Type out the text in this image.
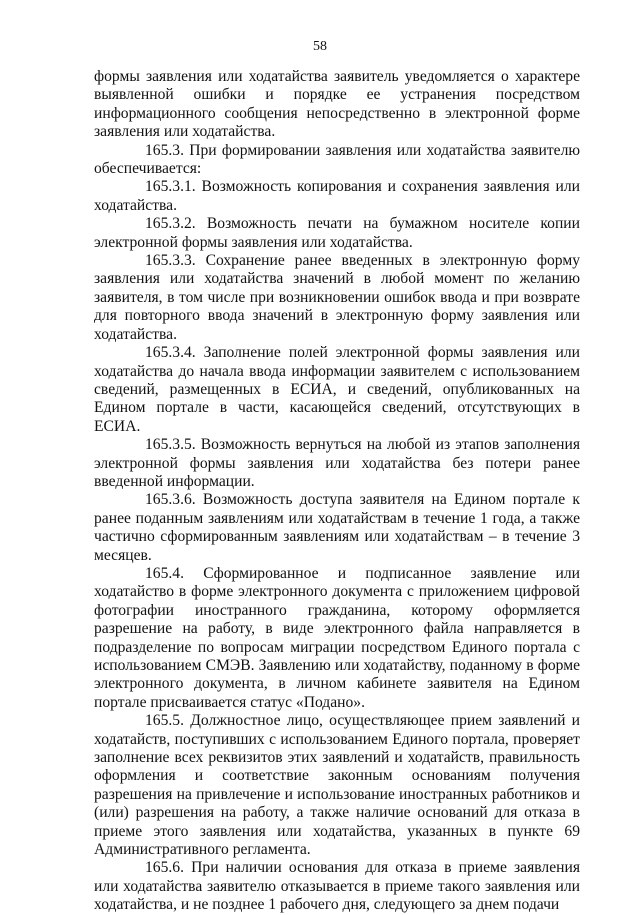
58

формы заявления или ходатайства заявитель уведомляется о характере выявленной ошибки и порядке ее устранения посредством информационного сообщения непосредственно в электронной форме заявления или ходатайства.

165.3. При формировании заявления или ходатайства заявителю обеспечивается:

165.3.1. Возможность копирования и сохранения заявления или ходатайства.

165.3.2. Возможность печати на бумажном носителе копии электронной формы заявления или ходатайства.

165.3.3. Сохранение ранее введенных в электронную форму заявления или ходатайства значений в любой момент по желанию заявителя, в том числе при возникновении ошибок ввода и при возврате для повторного ввода значений в электронную форму заявления или ходатайства.

165.3.4. Заполнение полей электронной формы заявления или ходатайства до начала ввода информации заявителем с использованием сведений, размещенных в ЕСИА, и сведений, опубликованных на Едином портале в части, касающейся сведений, отсутствующих в ЕСИА.

165.3.5. Возможность вернуться на любой из этапов заполнения электронной формы заявления или ходатайства без потери ранее введенной информации.

165.3.6. Возможность доступа заявителя на Едином портале к ранее поданным заявлениям или ходатайствам в течение 1 года, а также частично сформированным заявлениям или ходатайствам – в течение 3 месяцев.

165.4. Сформированное и подписанное заявление или ходатайство в форме электронного документа с приложением цифровой фотографии иностранного гражданина, которому оформляется разрешение на работу, в виде электронного файла направляется в подразделение по вопросам миграции посредством Единого портала с использованием СМЭВ. Заявлению или ходатайству, поданному в форме электронного документа, в личном кабинете заявителя на Едином портале присваивается статус «Подано».

165.5. Должностное лицо, осуществляющее прием заявлений и ходатайств, поступивших с использованием Единого портала, проверяет заполнение всех реквизитов этих заявлений и ходатайств, правильность оформления и соответствие законным основаниям получения разрешения на привлечение и использование иностранных работников и (или) разрешения на работу, а также наличие оснований для отказа в приеме этого заявления или ходатайства, указанных в пункте 69 Административного регламента.

165.6. При наличии основания для отказа в приеме заявления или ходатайства заявителю отказывается в приеме такого заявления или ходатайства, и не позднее 1 рабочего дня, следующего за днем подачи
